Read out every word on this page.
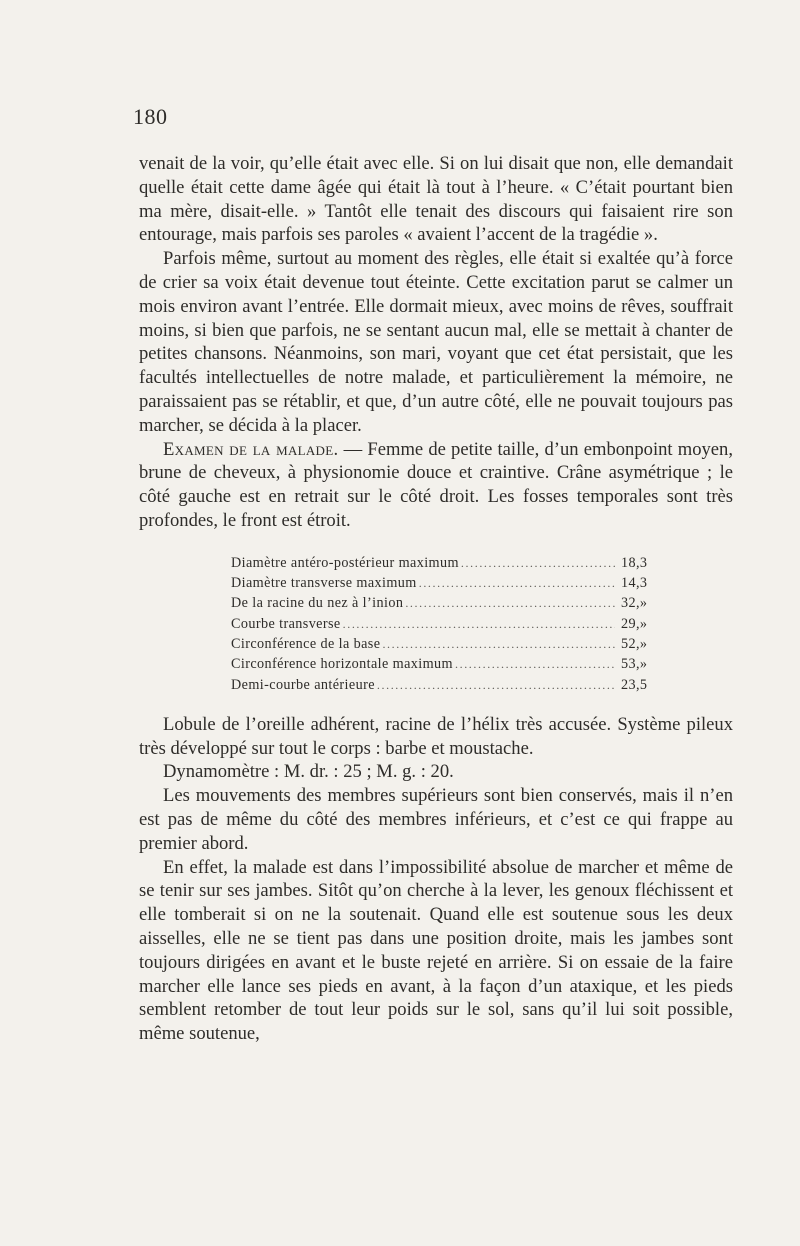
180

venait de la voir, qu’elle était avec elle. Si on lui disait que non, elle demandait quelle était cette dame âgée qui était là tout à l’heure. « C’était pourtant bien ma mère, disait-elle. » Tantôt elle tenait des discours qui faisaient rire son entourage, mais parfois ses paroles « avaient l’accent de la tragédie ».

Parfois même, surtout au moment des règles, elle était si exaltée qu’à force de crier sa voix était devenue tout éteinte. Cette excitation parut se calmer un mois environ avant l’entrée. Elle dormait mieux, avec moins de rêves, souffrait moins, si bien que parfois, ne se sentant aucun mal, elle se mettait à chanter de petites chansons. Néanmoins, son mari, voyant que cet état persistait, que les facultés intellectuelles de notre malade, et particulièrement la mémoire, ne paraissaient pas se rétablir, et que, d’un autre côté, elle ne pouvait toujours pas marcher, se décida à la placer.

Examen de la malade. — Femme de petite taille, d’un embonpoint moyen, brune de cheveux, à physionomie douce et craintive. Crâne asymétrique ; le côté gauche est en retrait sur le côté droit. Les fosses temporales sont très profondes, le front est étroit.

Diamètre antéro-postérieur maximum .....	18,3
Diamètre transverse maximum .....	14,3
De la racine du nez à l’inion .....	32,»
Courbe transverse .....	29,»
Circonférence de la base .....	52,»
Circonférence horizontale maximum .....	53,»
Demi-courbe antérieure .....	23,5

Lobule de l’oreille adhérent, racine de l’hélix très accusée. Système pileux très développé sur tout le corps : barbe et moustache.

Dynamomètre : M. dr. : 25 ; M. g. : 20.

Les mouvements des membres supérieurs sont bien conservés, mais il n’en est pas de même du côté des membres inférieurs, et c’est ce qui frappe au premier abord.

En effet, la malade est dans l’impossibilité absolue de marcher et même de se tenir sur ses jambes. Sitôt qu’on cherche à la lever, les genoux fléchissent et elle tomberait si on ne la soutenait. Quand elle est soutenue sous les deux aisselles, elle ne se tient pas dans une position droite, mais les jambes sont toujours dirigées en avant et le buste rejeté en arrière. Si on essaie de la faire marcher elle lance ses pieds en avant, à la façon d’un ataxique, et les pieds semblent retomber de tout leur poids sur le sol, sans qu’il lui soit possible, même soutenue,
